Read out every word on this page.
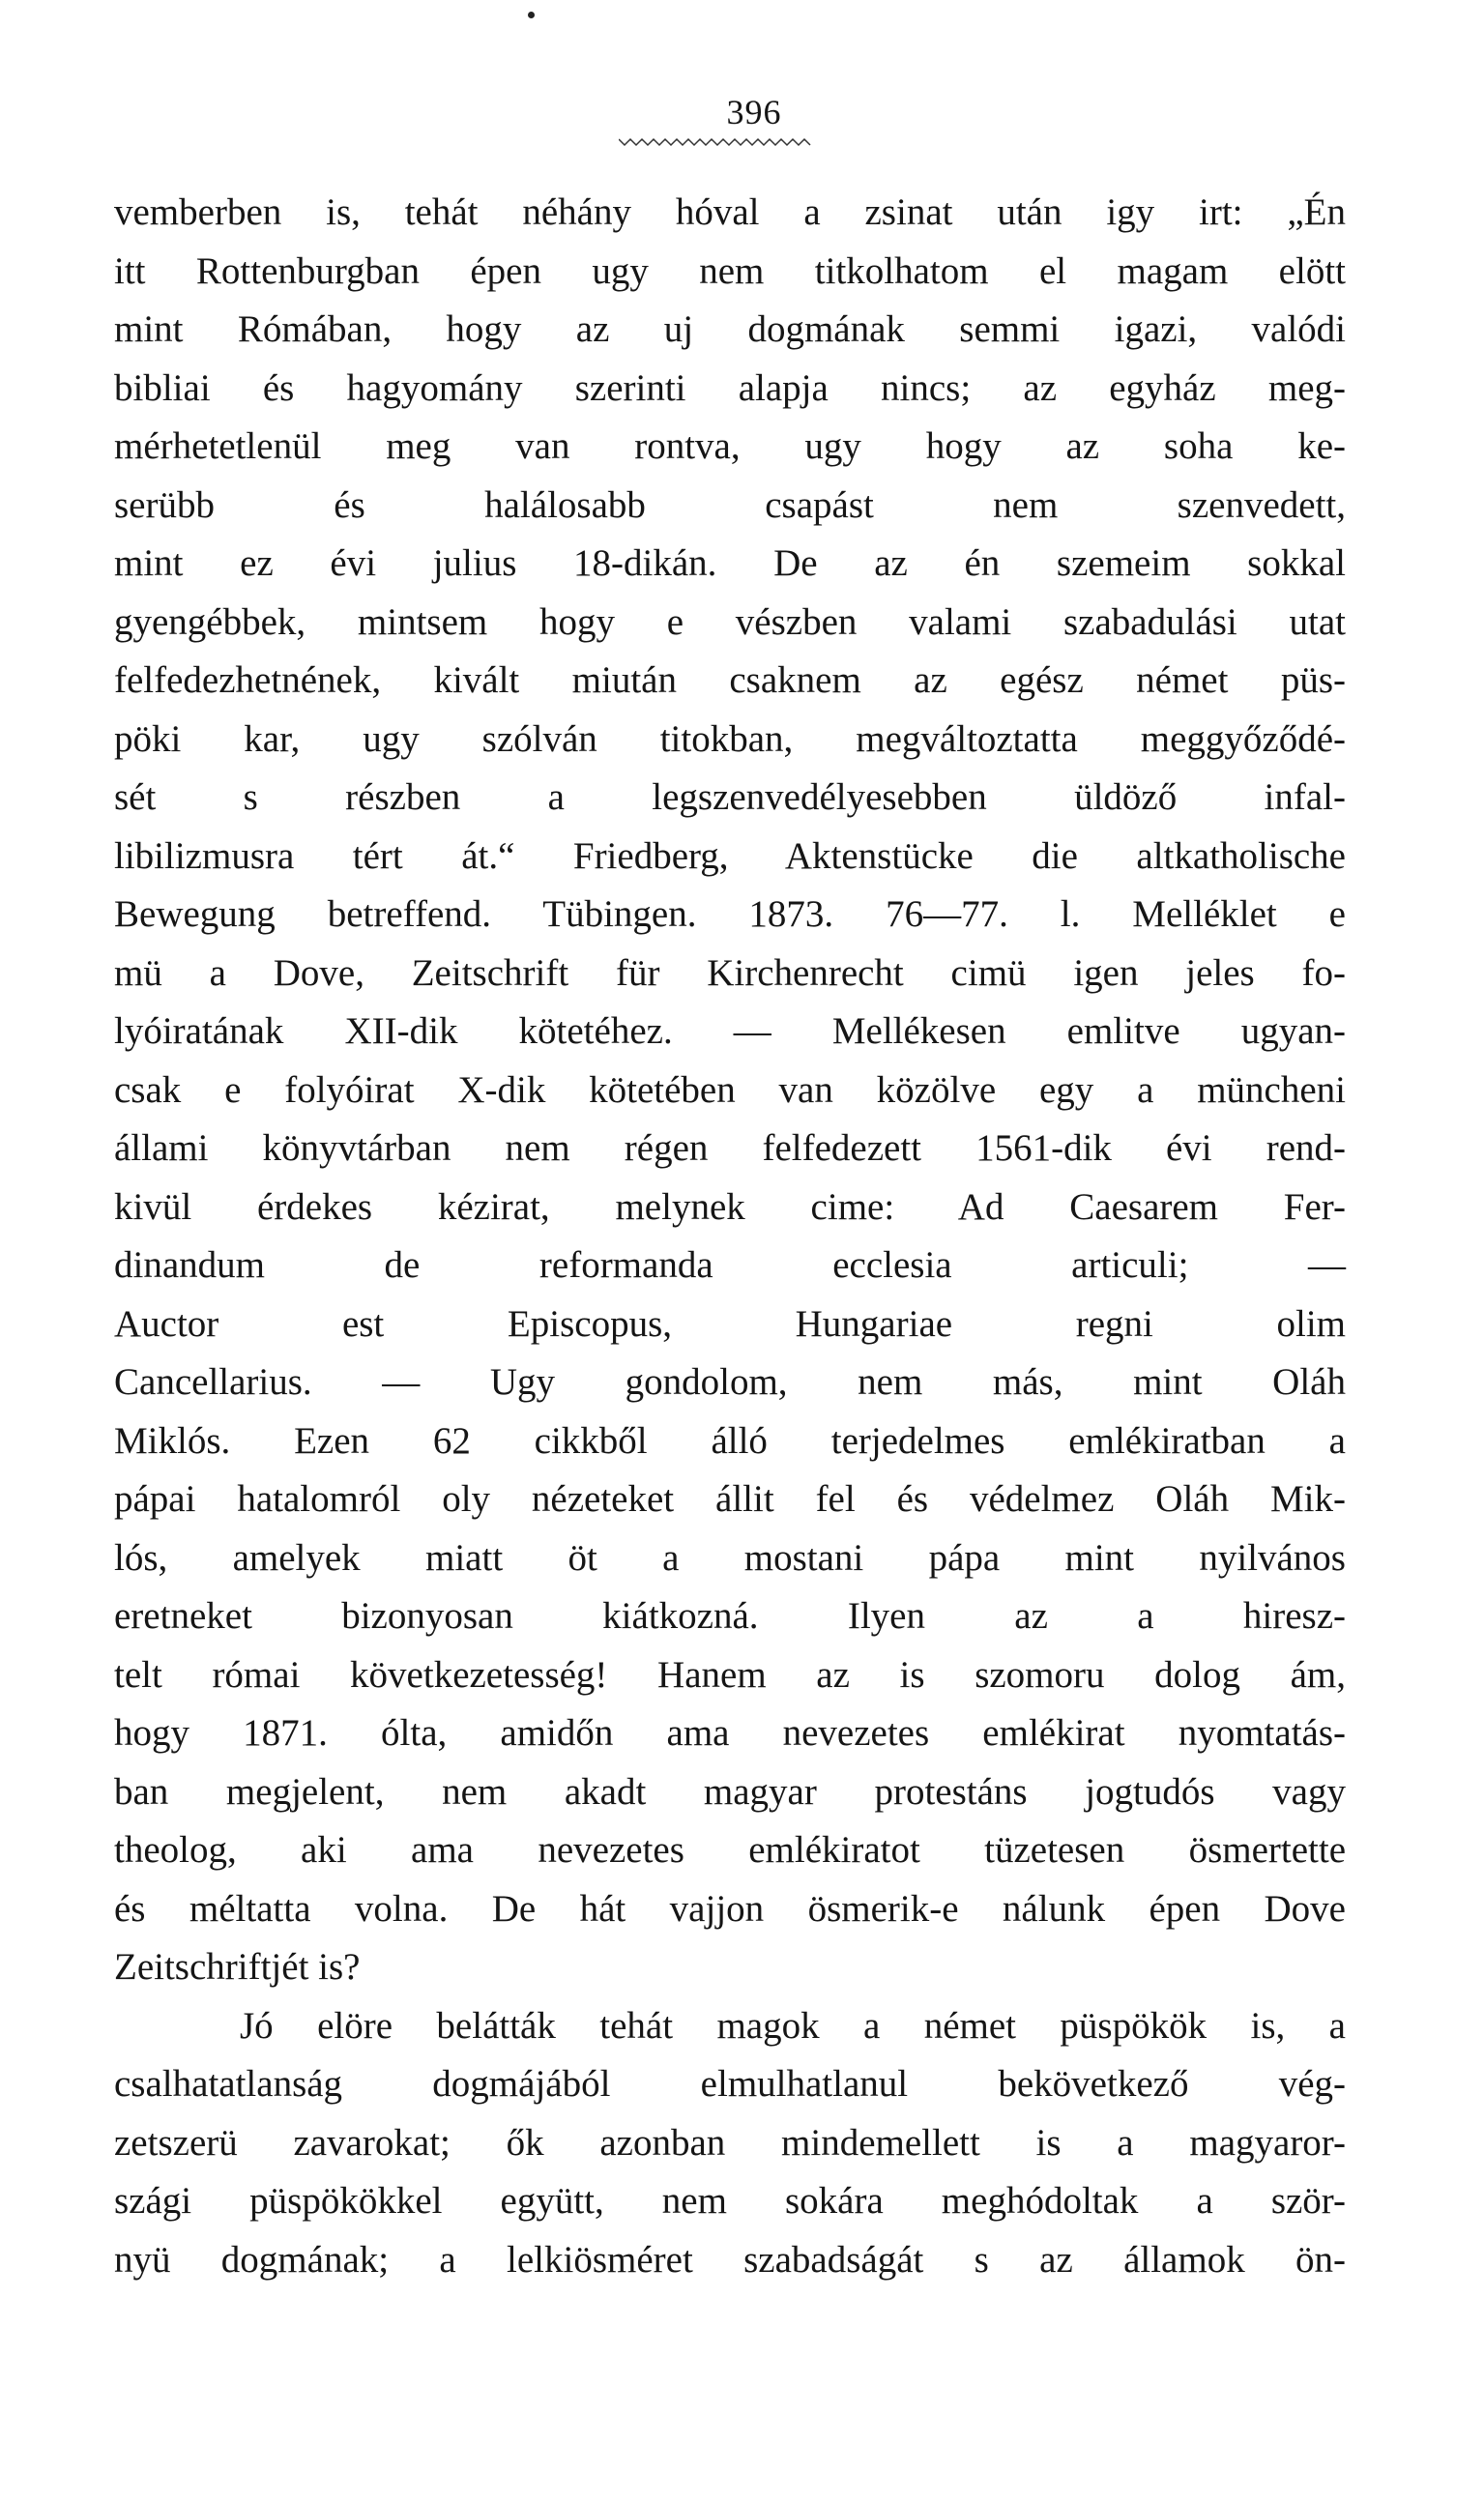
396
vemberben is, tehát néhány hóval a zsinat után igy irt: „Én
itt Rottenburgban épen ugy nem titkolhatom el magam elött
mint Rómában, hogy az uj dogmának semmi igazi, valódi
bibliai és hagyomány szerinti alapja nincs; az egyház meg-
mérhetetlenül meg van rontva, ugy hogy az soha ke-
serübb és halálosabb csapást nem szenvedett,
mint ez évi julius 18-dikán. De az én szemeim sokkal
gyengébbek, mintsem hogy e vészben valami szabadulási utat
felfedezhetnének, kivált miután csaknem az egész német püs-
pöki kar, ugy szólván titokban, megváltoztatta meggyőződé-
sét s részben a legszenvedélyesebben üldöző infal-
libilizmusra tért át.“ Friedberg, Aktenstücke die altkatholische
Bewegung betreffend. Tübingen. 1873. 76—77. l. Melléklet e
mü a Dove, Zeitschrift für Kirchenrecht cimü igen jeles fo-
lyóiratának XII-dik kötetéhez. — Mellékesen emlitve ugyan-
csak e folyóirat X-dik kötetében van közölve egy a müncheni
állami könyvtárban nem régen felfedezett 1561-dik évi rend-
kivül érdekes kézirat, melynek cime: Ad Caesarem Fer-
dinandum de reformanda ecclesia articuli; —
Auctor est Episcopus, Hungariae regni olim
Cancellarius. — Ugy gondolom, nem más, mint Oláh
Miklós. Ezen 62 cikkből álló terjedelmes emlékiratban a
pápai hatalomról oly nézeteket állit fel és védelmez Oláh Mik-
lós, amelyek miatt öt a mostani pápa mint nyilvános
eretneket bizonyosan kiátkozná. Ilyen az a hiresz-
telt római következetesség! Hanem az is szomoru dolog ám,
hogy 1871. ólta, amidőn ama nevezetes emlékirat nyomtatás-
ban megjelent, nem akadt magyar protestáns jogtudós vagy
theolog, aki ama nevezetes emlékiratot tüzetesen ösmertette
és méltatta volna. De hát vajjon ösmerik-e nálunk épen Dove
Zeitschriftjét is?
Jó elöre belátták tehát magok a német püspökök is, a
csalhatatlanság dogmájából elmulhatlanul bekövetkező vég-
zetszerü zavarokat; ők azonban mindemellett is a magyaror-
szági püspökökkel együtt, nem sokára meghódoltak a ször-
nyü dogmának; a lelkiösméret szabadságát s az államok ön-
